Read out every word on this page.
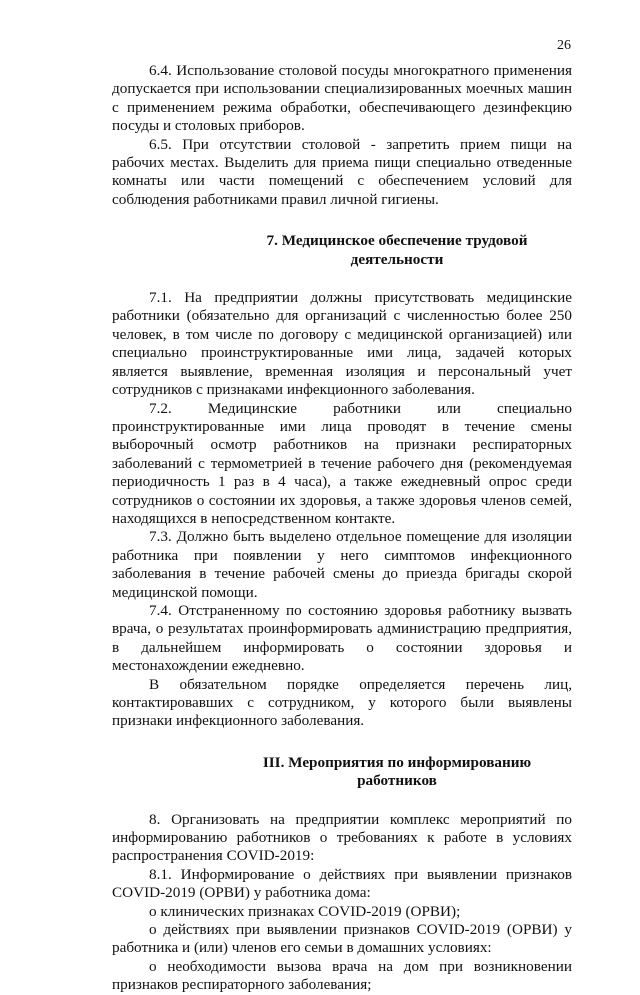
26

6.4. Использование столовой посуды многократного применения допускается при использовании специализированных моечных машин с применением режима обработки, обеспечивающего дезинфекцию посуды и столовых приборов.

6.5. При отсутствии столовой - запретить прием пищи на рабочих местах. Выделить для приема пищи специально отведенные комнаты или части помещений с обеспечением условий для соблюдения работниками правил личной гигиены.

7. Медицинское обеспечение трудовой деятельности

7.1. На предприятии должны присутствовать медицинские работники (обязательно для организаций с численностью более 250 человек, в том числе по договору с медицинской организацией) или специально проинструктированные ими лица, задачей которых является выявление, временная изоляция и персональный учет сотрудников с признаками инфекционного заболевания.

7.2. Медицинские работники или специально проинструктированные ими лица проводят в течение смены выборочный осмотр работников на признаки респираторных заболеваний с термометрией в течение рабочего дня (рекомендуемая периодичность 1 раз в 4 часа), а также ежедневный опрос среди сотрудников о состоянии их здоровья, а также здоровья членов семей, находящихся в непосредственном контакте.

7.3. Должно быть выделено отдельное помещение для изоляции работника при появлении у него симптомов инфекционного заболевания в течение рабочей смены до приезда бригады скорой медицинской помощи.

7.4. Отстраненному по состоянию здоровья работнику вызвать врача, о результатах проинформировать администрацию предприятия, в дальнейшем информировать о состоянии здоровья и местонахождении ежедневно.

В обязательном порядке определяется перечень лиц, контактировавших с сотрудником, у которого были выявлены признаки инфекционного заболевания.

III. Мероприятия по информированию работников

8. Организовать на предприятии комплекс мероприятий по информированию работников о требованиях к работе в условиях распространения COVID-2019:

8.1. Информирование о действиях при выявлении признаков COVID-2019 (ОРВИ) у работника дома:

о клинических признаках COVID-2019 (ОРВИ);

о действиях при выявлении признаков COVID-2019 (ОРВИ) у работника и (или) членов его семьи в домашних условиях:

о необходимости вызова врача на дом при возникновении признаков респираторного заболевания;
